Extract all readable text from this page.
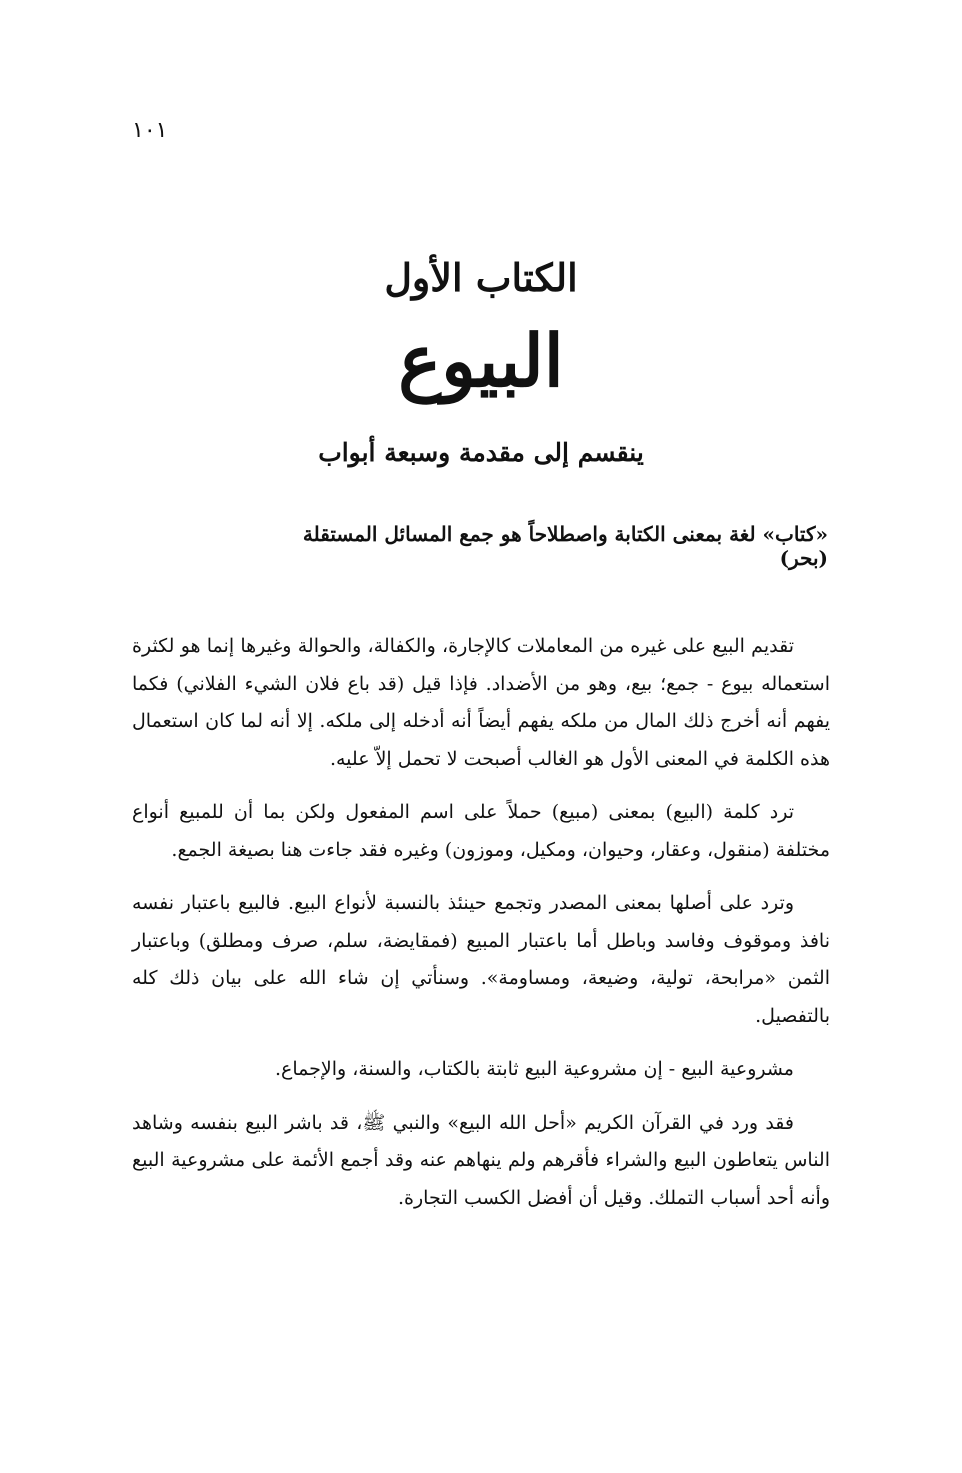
١٠١
الكتاب الأول
البيوع
ينقسم إلى مقدمة وسبعة أبواب
«كتاب» لغة بمعنى الكتابة واصطلاحاً هو جمع المسائل المستقلة (بحر)

تقديم البيع على غيره من المعاملات كالإجارة، والكفالة، والحوالة وغيرها إنما هو لكثرة استعماله بيوع - جمع؛ بيع، وهو من الأضداد. فإذا قيل (قد باع فلان الشيء الفلاني) فكما يفهم أنه أخرج ذلك المال من ملكه يفهم أيضاً أنه أدخله إلى ملكه. إلا أنه لما كان استعمال هذه الكلمة في المعنى الأول هو الغالب أصبحت لا تحمل إلاّ عليه.

ترد كلمة (البيع) بمعنى (مبيع) حملاً على اسم المفعول ولكن بما أن للمبيع أنواع مختلفة (منقول، وعقار، وحيوان، ومكيل، وموزون) وغيره فقد جاءت هنا بصيغة الجمع.

وترد على أصلها بمعنى المصدر وتجمع حينئذ بالنسبة لأنواع البيع. فالبيع باعتبار نفسه نافذ وموقوف وفاسد وباطل أما باعتبار المبيع (فمقايضة، سلم، صرف ومطلق) وباعتبار الثمن «مرابحة، تولية، وضيعة، ومساومة». وسنأتي إن شاء الله على بيان ذلك كله بالتفصيل.

مشروعية البيع - إن مشروعية البيع ثابتة بالكتاب، والسنة، والإجماع.

فقد ورد في القرآن الكريم «أحل الله البيع» والنبي ﷺ، قد باشر البيع بنفسه وشاهد الناس يتعاطون البيع والشراء فأقرهم ولم ينهاهم عنه وقد أجمع الأئمة على مشروعية البيع وأنه أحد أسباب التملك. وقيل أن أفضل الكسب التجارة.
